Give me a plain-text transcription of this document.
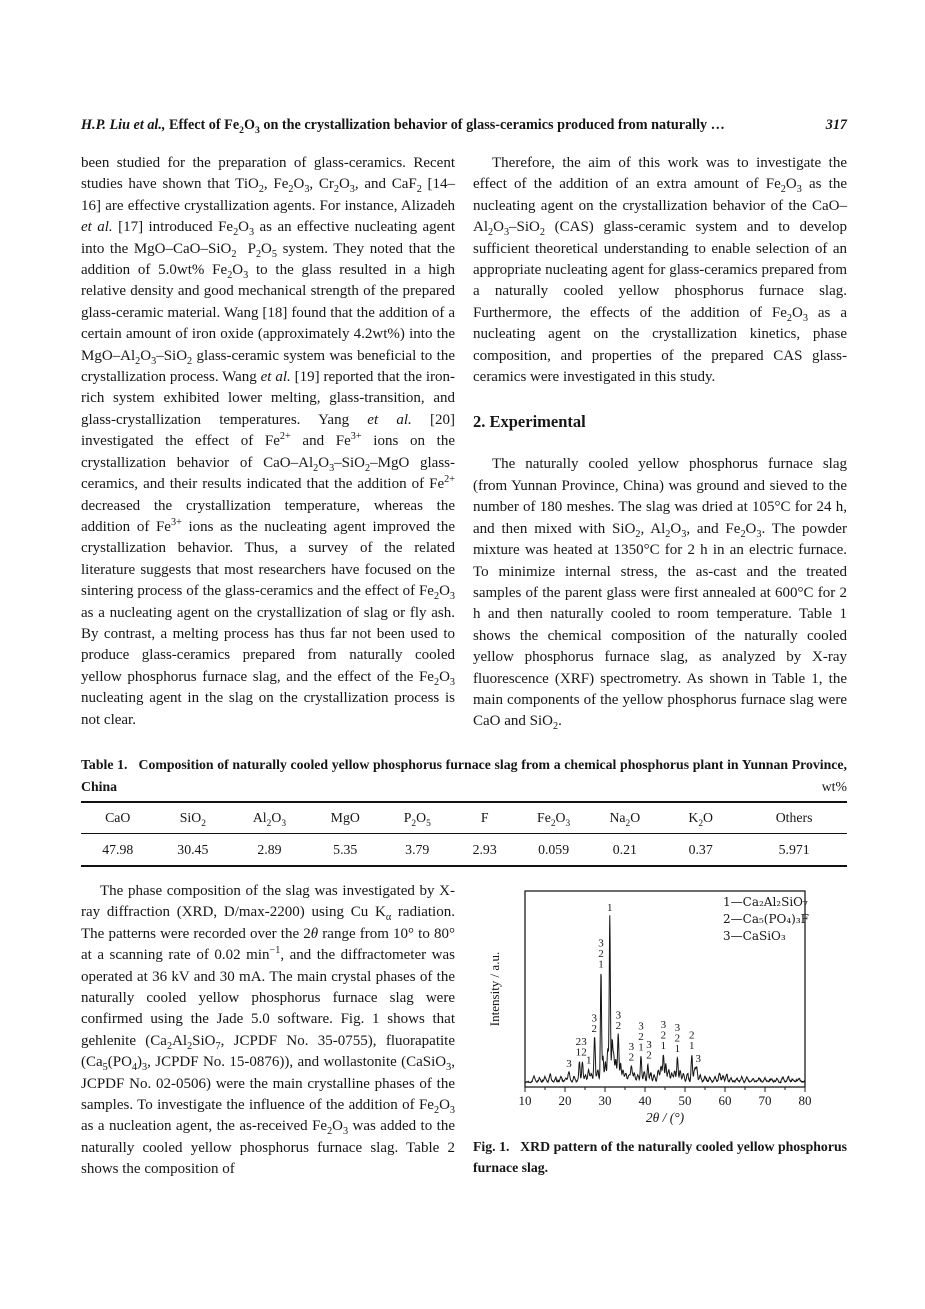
H.P. Liu et al., Effect of $Fe_2O_3$ on the crystallization behavior of glass-ceramics produced from naturally …	317

been studied for the preparation of glass-ceramics. Recent studies have shown that TiO$_2$, $Fe_2O_3$, $Cr_2O_3$, and CaF$_2$ [14–16] are effective crystallization agents. For instance, Alizadeh et al. [17] introduced $Fe_2O_3$ as an effective nucleating agent into the MgO–CaO–SiO$_2$  $P_2O_5$ system. They noted that the addition of 5.0wt% $Fe_2O_3$ to the glass resulted in a high relative density and good mechanical strength of the prepared glass-ceramic material. Wang [18] found that the addition of a certain amount of iron oxide (approximately 4.2wt%) into the MgO–$Al_2O_3-SiO_2$ glass-ceramic system was beneficial to the crystallization process. Wang et al. [19] reported that the iron-rich system exhibited lower melting, glass-transition, and glass-crystallization temperatures. Yang et al. [20] investigated the effect of $Fe^{2+}$ and $Fe^{3+}$ ions on the crystallization behavior of CaO–$Al_2O_3-SiO_2$–MgO glass-ceramics, and their results indicated that the addition of $Fe^{2+}$ decreased the crystallization temperature, whereas the addition of $Fe^{3+}$ ions as the nucleating agent improved the crystallization behavior. Thus, a survey of the related literature suggests that most researchers have focused on the sintering process of the glass-ceramics and the effect of $Fe_2O_3$ as a nucleating agent on the crystallization of slag or fly ash. By contrast, a melting process has thus far not been used to produce glass-ceramics prepared from naturally cooled yellow phosphorus furnace slag, and the effect of the $Fe_2O_3$ nucleating agent in the slag on the crystallization process is not clear.

Therefore, the aim of this work was to investigate the effect of the addition of an extra amount of $Fe_2O_3$ as the nucleating agent on the crystallization behavior of the CaO–$Al_2O_3-SiO_2$ (CAS) glass-ceramic system and to develop sufficient theoretical understanding to enable selection of an appropriate nucleating agent for glass-ceramics prepared from a naturally cooled yellow phosphorus furnace slag. Furthermore, the effects of the addition of $Fe_2O_3$ as a nucleating agent on the crystallization kinetics, phase composition, and properties of the prepared CAS glass-ceramics were investigated in this study.

2. Experimental

The naturally cooled yellow phosphorus furnace slag (from Yunnan Province, China) was ground and sieved to the number of 180 meshes. The slag was dried at 105°C for 24 h, and then mixed with SiO$_2$, $Al_2O_3$, and $Fe_2O_3$. The powder mixture was heated at 1350°C for 2 h in an electric furnace. To minimize internal stress, the as-cast and the treated samples of the parent glass were first annealed at 600°C for 2 h and then naturally cooled to room temperature. Table 1 shows the chemical composition of the naturally cooled yellow phosphorus furnace slag, as analyzed by X-ray fluorescence (XRF) spectrometry. As shown in Table 1, the main components of the yellow phosphorus furnace slag were CaO and SiO$_2$.

Table 1.   Composition of naturally cooled yellow phosphorus furnace slag from a chemical phosphorus plant in Yunnan Province, China	wt%
CaO	SiO$_2$	$Al_2O_3$	MgO	$P_2O_5$	F	$Fe_2O_3$	$Na_2O$	$K_2O$	Others
47.98	30.45	2.89	5.35	3.79	2.93	0.059	0.21	0.37	5.971

The phase composition of the slag was investigated by X-ray diffraction (XRD, D/max-2200) using Cu $K_\alpha$ radiation. The patterns were recorded over the 2θ range from 10° to 80° at a scanning rate of 0.02 $\min^{-1}$, and the diffractometer was operated at 36 kV and 30 mA. The main crystal phases of the naturally cooled yellow phosphorus furnace slag were confirmed using the Jade 5.0 software. Fig. 1 shows that gehlenite ($Ca_2Al_2SiO_7$, JCPDF No. 35-0755), fluorapatite ($Ca_5(PO_4)_3$, JCPDF No. 15-0876)), and wollastonite (CaSiO$_3$, JCPDF No. 02-0506) were the main crystalline phases of the samples. To investigate the influence of the addition of $Fe_2O_3$ as a nucleation agent, the as-received $Fe_2O_3$ was added to the naturally cooled yellow phosphorus furnace slag. Table 2 shows the composition of

10 20 30 40 50 60 70 80
2θ / (°)
Intensity / a.u.
1—Ca₂Al₂SiO₇
2—Ca₅(PO₄)₃F
3—CaSiO₃
3
1
2
2
3
1
2
3
1
2
3
1
2
3
2
3 1
2
3
2
3 1
2
3
1
2
3
1
2
3
Fig. 1.   XRD pattern of the naturally cooled yellow phosphorus furnace slag.
